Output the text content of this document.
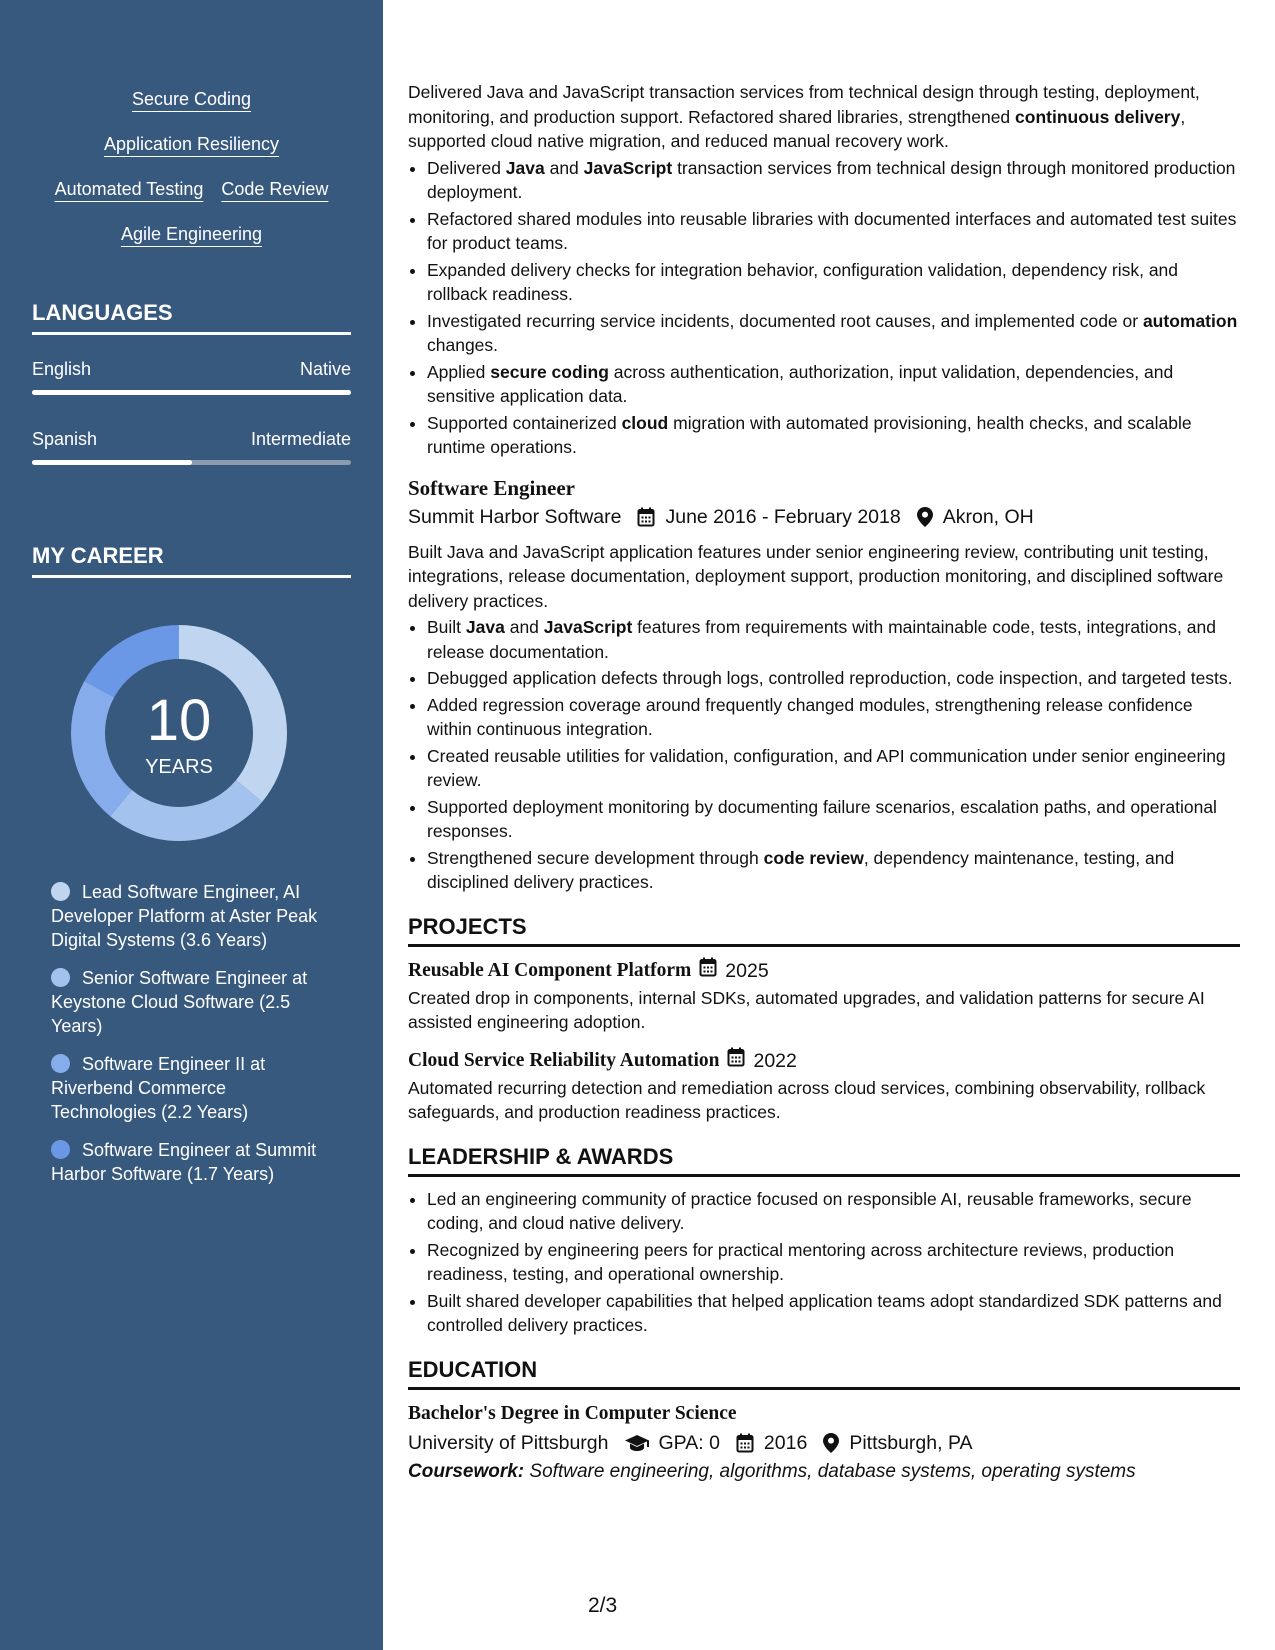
Secure Coding
Application Resiliency
Automated Testing Code Review
Agile Engineering
LANGUAGES
English	Native
Spanish	Intermediate
MY CAREER
10
YEARS
Lead Software Engineer, AI Developer Platform at Aster Peak Digital Systems (3.6 Years)
Senior Software Engineer at Keystone Cloud Software (2.5 Years)
Software Engineer II at Riverbend Commerce Technologies (2.2 Years)
Software Engineer at Summit Harbor Software (1.7 Years)

Delivered Java and JavaScript transaction services from technical design through testing, deployment, monitoring, and production support. Refactored shared libraries, strengthened continuous delivery, supported cloud native migration, and reduced manual recovery work.

• Delivered Java and JavaScript transaction services from technical design through monitored production deployment.
• Refactored shared modules into reusable libraries with documented interfaces and automated test suites for product teams.
• Expanded delivery checks for integration behavior, configuration validation, dependency risk, and rollback readiness.
• Investigated recurring service incidents, documented root causes, and implemented code or automation changes.
• Applied secure coding across authentication, authorization, input validation, dependencies, and sensitive application data.
• Supported containerized cloud migration with automated provisioning, health checks, and scalable runtime operations.
Software Engineer
Summit Harbor Software June 2016 - February 2018 Akron, OH

Built Java and JavaScript application features under senior engineering review, contributing unit testing, integrations, release documentation, deployment support, production monitoring, and disciplined software delivery practices.

• Built Java and JavaScript features from requirements with maintainable code, tests, integrations, and release documentation.
• Debugged application defects through logs, controlled reproduction, code inspection, and targeted tests.
• Added regression coverage around frequently changed modules, strengthening release confidence within continuous integration.
• Created reusable utilities for validation, configuration, and API communication under senior engineering review.
• Supported deployment monitoring by documenting failure scenarios, escalation paths, and operational responses.
• Strengthened secure development through code review, dependency maintenance, testing, and disciplined delivery practices.
PROJECTS
Reusable AI Component Platform 2025
Created drop in components, internal SDKs, automated upgrades, and validation patterns for secure AI assisted engineering adoption.
Cloud Service Reliability Automation 2022
Automated recurring detection and remediation across cloud services, combining observability, rollback safeguards, and production readiness practices.
LEADERSHIP & AWARDS
• Led an engineering community of practice focused on responsible AI, reusable frameworks, secure coding, and cloud native delivery.
• Recognized by engineering peers for practical mentoring across architecture reviews, production readiness, testing, and operational ownership.
• Built shared developer capabilities that helped application teams adopt standardized SDK patterns and controlled delivery practices.
EDUCATION
Bachelor's Degree in Computer Science
University of Pittsburgh	GPA: 0 2016 Pittsburgh, PA
Coursework: Software engineering, algorithms, database systems, operating systems
2/3
